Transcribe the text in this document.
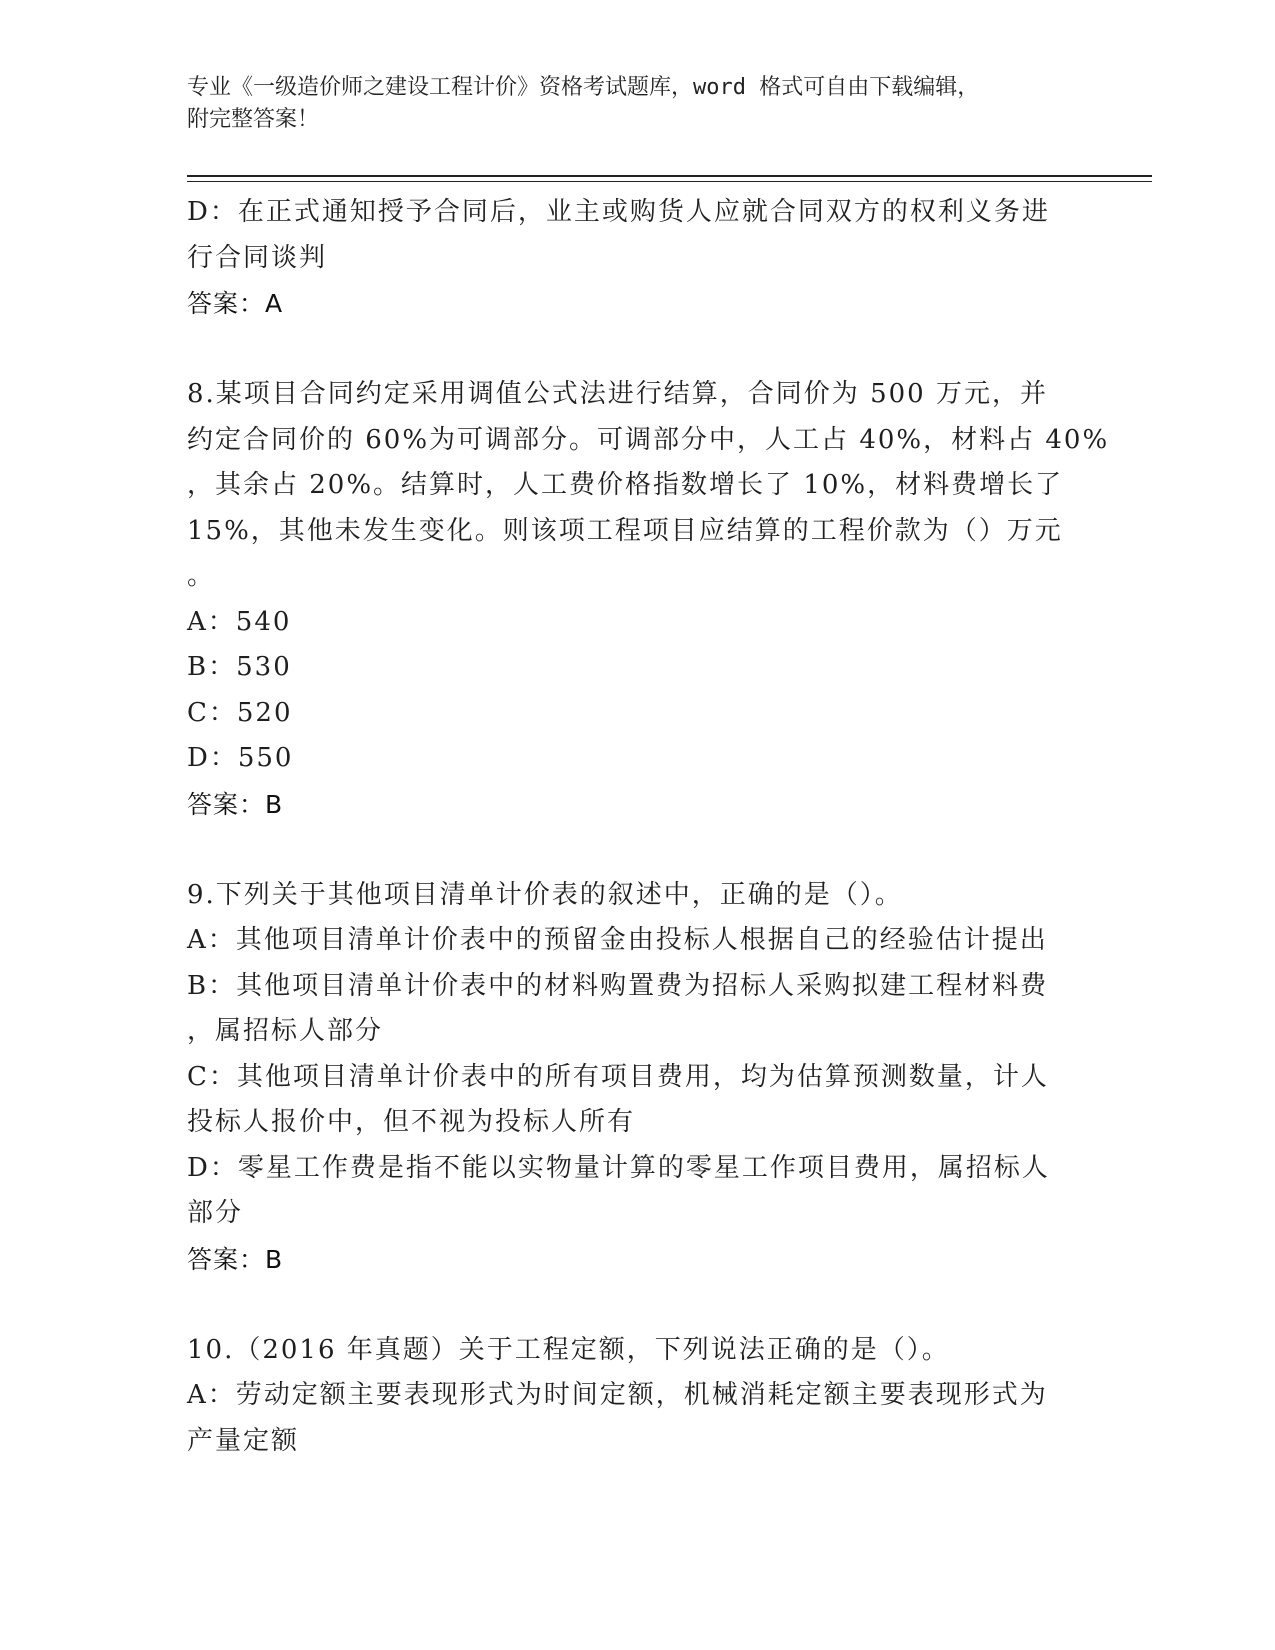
专业《一级造价师之建设工程计价》资格考试题库，word 格式可自由下载编辑，
附完整答案！
D：在正式通知授予合同后，业主或购货人应就合同双方的权利义务进
行合同谈判
答案：A
8.某项目合同约定采用调值公式法进行结算，合同价为 500 万元，并
约定合同价的 60%为可调部分。可调部分中，人工占 40%，材料占 40%
，其余占 20%。结算时，人工费价格指数增长了 10%，材料费增长了
15%，其他未发生变化。则该项工程项目应结算的工程价款为（）万元
。
A：540
B：530
C：520
D：550
答案：B
9.下列关于其他项目清单计价表的叙述中，正确的是（）。
A：其他项目清单计价表中的预留金由投标人根据自己的经验估计提出
B：其他项目清单计价表中的材料购置费为招标人采购拟建工程材料费
，属招标人部分
C：其他项目清单计价表中的所有项目费用，均为估算预测数量，计人
投标人报价中，但不视为投标人所有
D：零星工作费是指不能以实物量计算的零星工作项目费用，属招标人
部分
答案：B
10.（2016 年真题）关于工程定额，下列说法正确的是（）。
A：劳动定额主要表现形式为时间定额，机械消耗定额主要表现形式为
产量定额
